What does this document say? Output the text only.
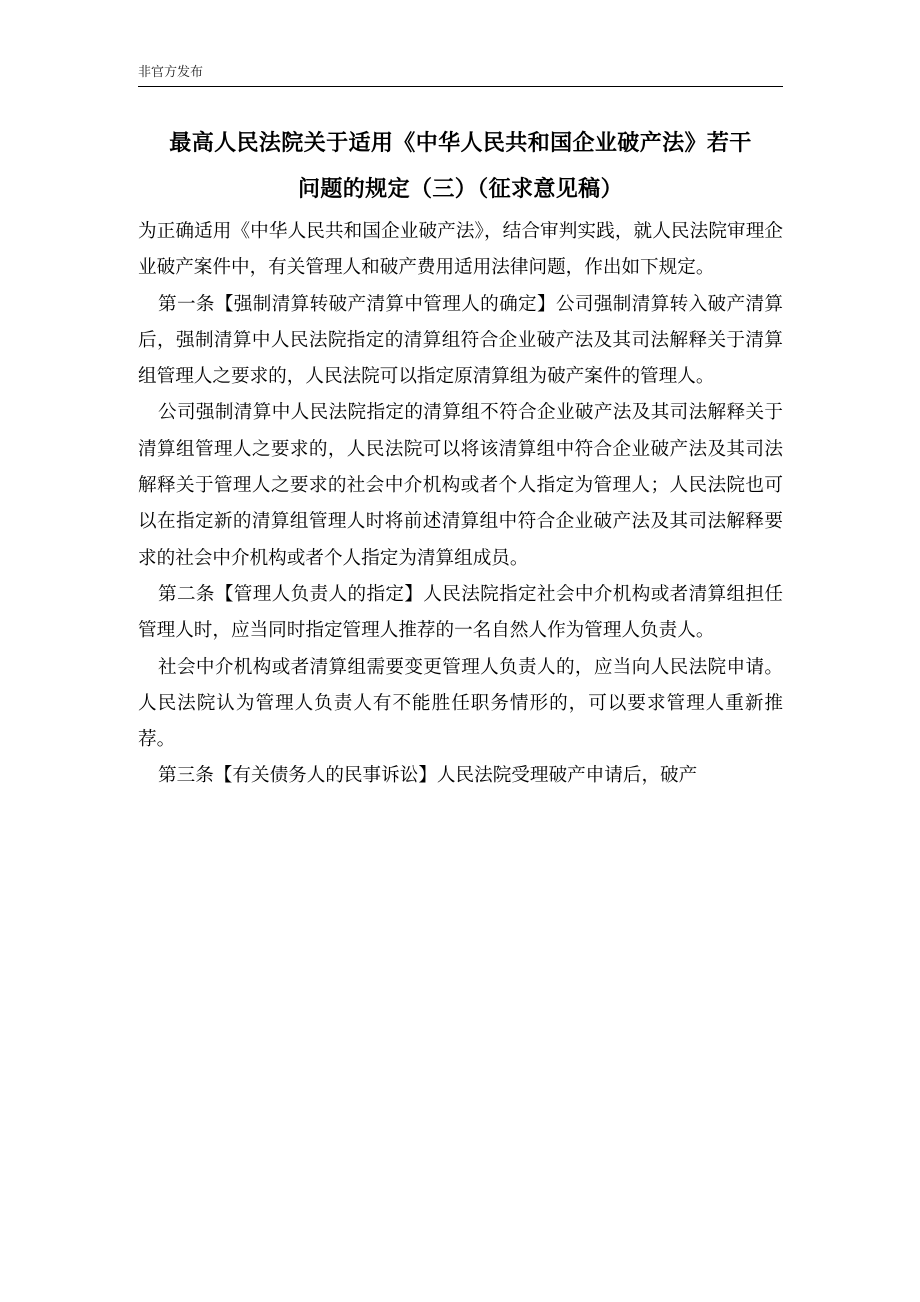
非官方发布
最高人民法院关于适用《中华人民共和国企业破产法》若干
问题的规定（三）（征求意见稿）

为正确适用《中华人民共和国企业破产法》，结合审判实践，就人民法院审理企业破产案件中，有关管理人和破产费用适用法律问题，作出如下规定。

第一条【强制清算转破产清算中管理人的确定】公司强制清算转入破产清算后，强制清算中人民法院指定的清算组符合企业破产法及其司法解释关于清算组管理人之要求的，人民法院可以指定原清算组为破产案件的管理人。

公司强制清算中人民法院指定的清算组不符合企业破产法及其司法解释关于清算组管理人之要求的，人民法院可以将该清算组中符合企业破产法及其司法解释关于管理人之要求的社会中介机构或者个人指定为管理人；人民法院也可以在指定新的清算组管理人时将前述清算组中符合企业破产法及其司法解释要求的社会中介机构或者个人指定为清算组成员。

第二条【管理人负责人的指定】人民法院指定社会中介机构或者清算组担任管理人时，应当同时指定管理人推荐的一名自然人作为管理人负责人。

社会中介机构或者清算组需要变更管理人负责人的，应当向人民法院申请。人民法院认为管理人负责人有不能胜任职务情形的，可以要求管理人重新推荐。

第三条【有关债务人的民事诉讼】人民法院受理破产申请后，破产
